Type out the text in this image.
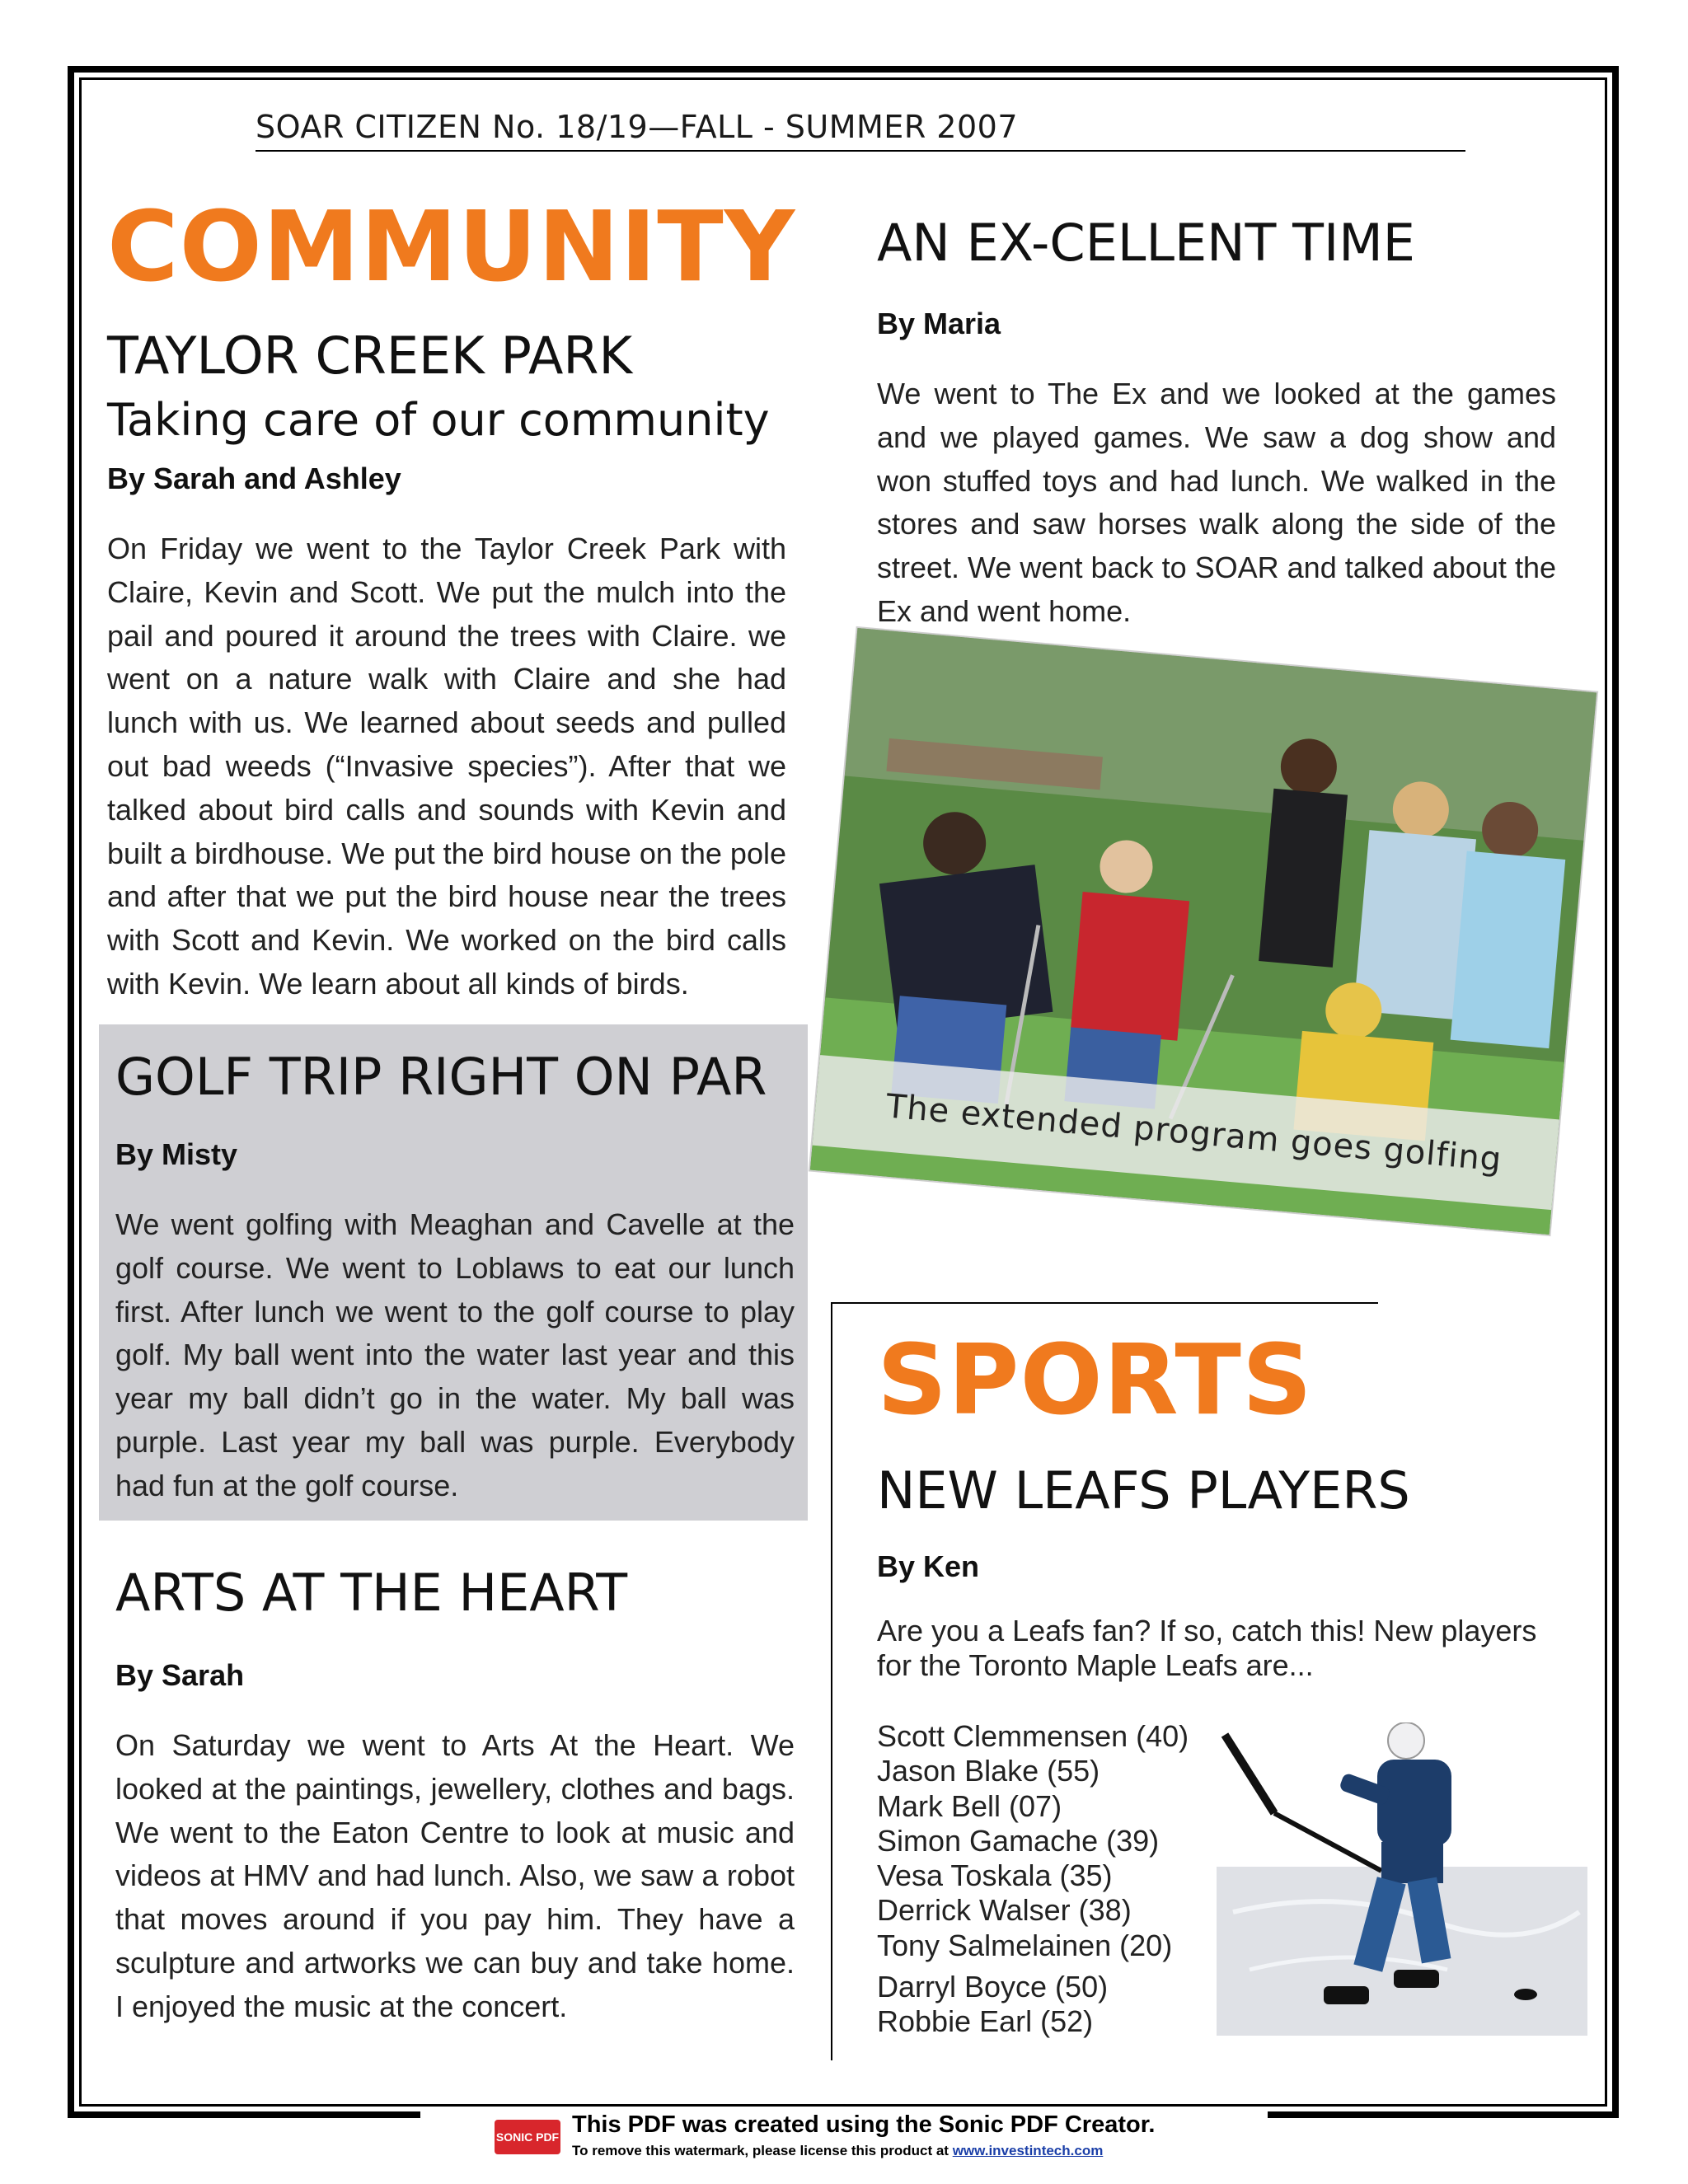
SOAR CITIZEN No. 18/19—FALL - SUMMER 2007
COMMUNITY
TAYLOR CREEK PARK
Taking care of our community
By Sarah and Ashley
On Friday we went to the Taylor Creek Park with Claire, Kevin and Scott. We put the mulch into the pail and poured it around the trees with Claire. we went on a nature walk with Claire and she had lunch with us. We learned about seeds and pulled out bad weeds (“Invasive species”). After that we talked about bird calls and sounds with Kevin and built a birdhouse. We put the bird house on the pole and after that we put the bird house near the trees with Scott and Kevin. We worked on the bird calls with Kevin. We learn about all kinds of birds.
GOLF TRIP RIGHT ON PAR
By Misty
We went golfing with Meaghan and Cavelle at the golf course. We went to Loblaws to eat our lunch first. After lunch we went to the golf course to play golf. My ball went into the water last year and this year my ball didn’t go in the water. My ball was purple. Last year my ball was purple. Everybody had fun at the golf course.
ARTS AT THE HEART
By Sarah
On Saturday we went to Arts At the Heart. We looked at the paintings, jewellery, clothes and bags. We went to the Eaton Centre to look at music and videos at HMV and had lunch. Also, we saw a robot that moves around if you pay him. They have a sculpture and artworks we can buy and take home. I enjoyed the music at the concert.
AN EX-CELLENT TIME
By Maria
We went to The Ex and we looked at the games and we played games. We saw a dog show and won stuffed toys and had lunch. We walked in the stores and saw horses walk along the side of the street. We went back to SOAR and talked about the Ex and went home.
The extended program goes golfing
SPORTS
NEW LEAFS PLAYERS
By Ken
Are you a Leafs fan? If so, catch this! New players for the Toronto Maple Leafs are...
Scott Clemmensen (40)
Jason Blake (55)
Mark Bell (07)
Simon Gamache (39)
Vesa Toskala (35)
Derrick Walser (38)
Tony Salmelainen (20)
Darryl Boyce (50)
Robbie Earl (52)
SONIC PDF This PDF was created using the Sonic PDF Creator.
To remove this watermark, please license this product at www.investintech.com
